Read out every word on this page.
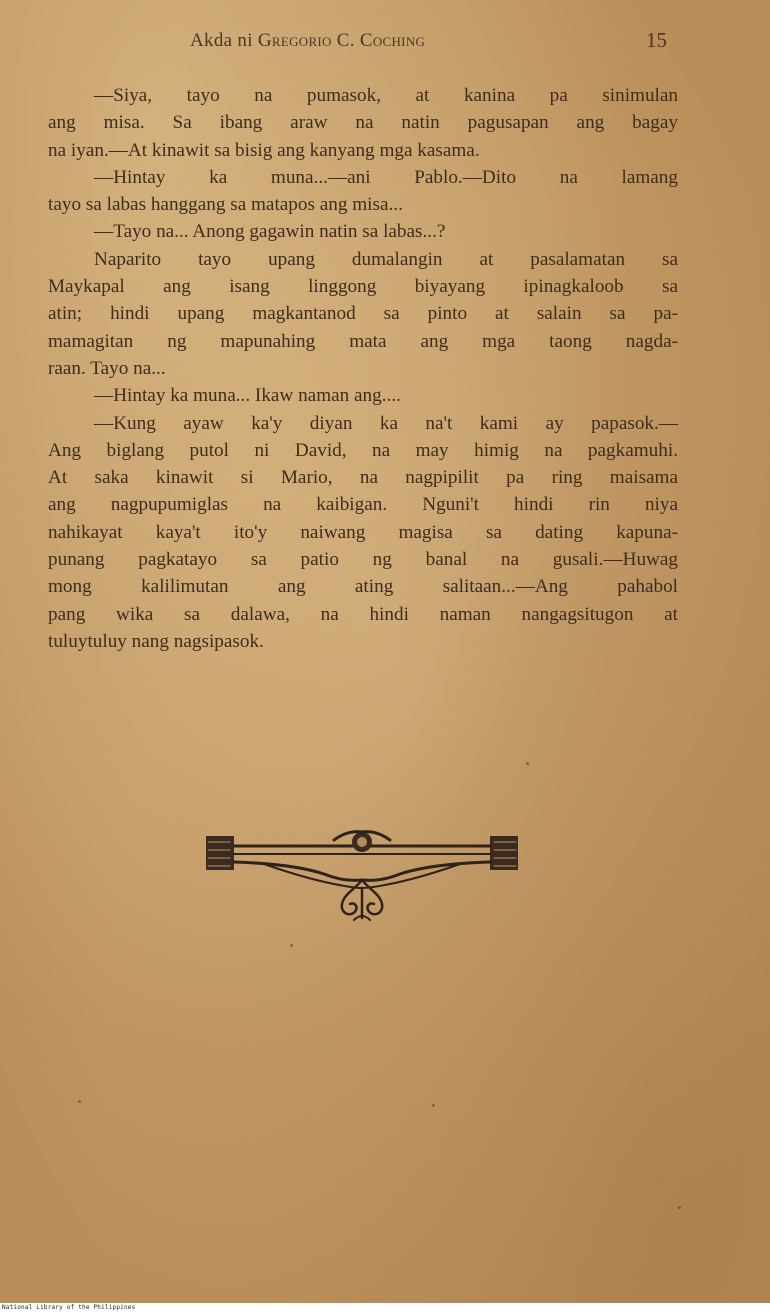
Akda ni Gregorio C. Coching	15
—Siya, tayo na pumasok, at kanina pa sinimulan
ang misa. Sa ibang araw na natin pagusapan ang bagay
na iyan.—At kinawit sa bisig ang kanyang mga kasama.
—Hintay ka muna...—ani Pablo.—Dito na lamang
tayo sa labas hanggang sa matapos ang misa...
—Tayo na... Anong gagawin natin sa labas...?
Naparito tayo upang dumalangin at pasalamatan sa
Maykapal ang isang linggong biyayang ipinagkaloob sa
atin; hindi upang magkantanod sa pinto at salain sa pa-
mamagitan ng mapunahing mata ang mga taong nagda-
raan. Tayo na...
—Hintay ka muna... Ikaw naman ang....
—Kung ayaw ka'y diyan ka na't kami ay papasok.—
Ang biglang putol ni David, na may himig na pagkamuhi.
At saka kinawit si Mario, na nagpipilit pa ring maisama
ang nagpupumiglas na kaibigan. Nguni't hindi rin niya
nahikayat kaya't ito'y naiwang magisa sa dating kapuna-
punang pagkatayo sa patio ng banal na gusali.—Huwag
mong kalilimutan ang ating salitaan...—Ang pahabol
pang wika sa dalawa, na hindi naman nangagsitugon at
tuluytuluy nang nagsipasok.
National Library of the Philippines
